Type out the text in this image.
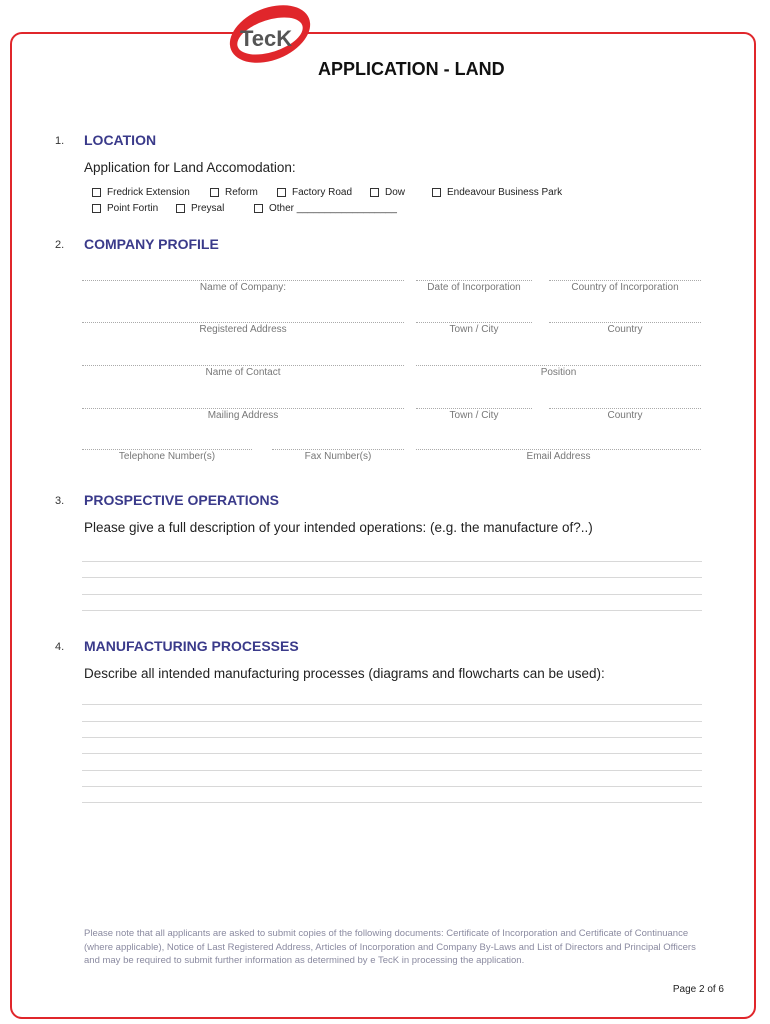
TecK
APPLICATION - LAND
1. LOCATION
Application for Land Accomodation:
Fredrick Extension	Reform	Factory Road	Dow	Endeavour Business Park
Point Fortin	Preysal	Other __________________
2. COMPANY PROFILE
Name of Company:	Date of Incorporation	Country of Incorporation
Registered Address	Town / City	Country
Name of Contact	Position
Mailing Address	Town / City	Country
Telephone Number(s)	Fax Number(s)	Email Address
3. PROSPECTIVE OPERATIONS
Please give a full description of your intended operations: (e.g. the manufacture of?..)
4. MANUFACTURING PROCESSES
Describe all intended manufacturing processes (diagrams and flowcharts can be used):
Please note that all applicants are asked to submit copies of the following documents: Certificate of Incorporation and Certificate of Continuance (where applicable), Notice of Last Registered Address, Articles of Incorporation and Company By-Laws and List of Directors and Principal Officers and may be required to submit further information as determined by e TecK in processing the application.
Page 2 of 6
